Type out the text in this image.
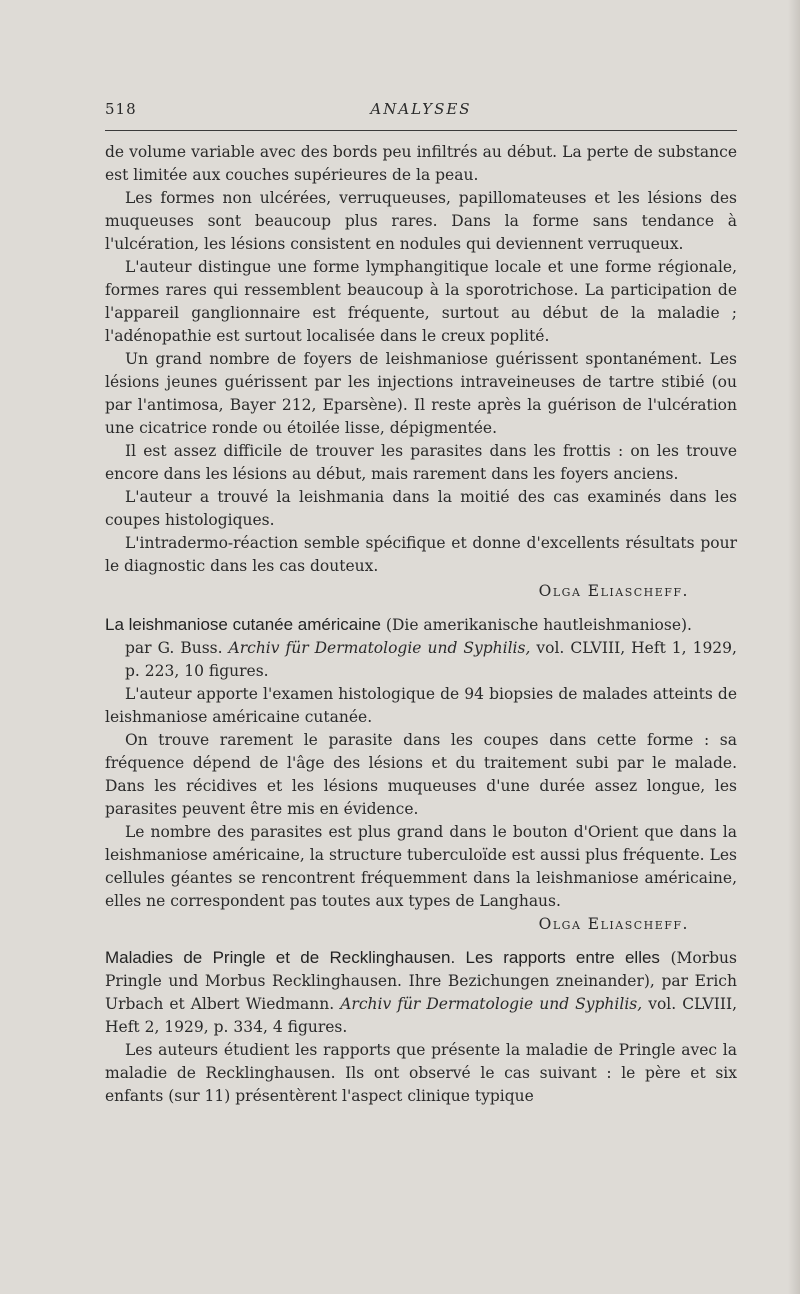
518	ANALYSES

de volume variable avec des bords peu infiltrés au début. La perte de substance est limitée aux couches supérieures de la peau.

Les formes non ulcérées, verruqueuses, papillomateuses et les lésions des muqueuses sont beaucoup plus rares. Dans la forme sans tendance à l'ulcération, les lésions consistent en nodules qui deviennent verruqueux.

L'auteur distingue une forme lymphangitique locale et une forme régionale, formes rares qui ressemblent beaucoup à la sporotrichose. La participation de l'appareil ganglionnaire est fréquente, surtout au début de la maladie ; l'adénopathie est surtout localisée dans le creux poplité.

Un grand nombre de foyers de leishmaniose guérissent spontanément. Les lésions jeunes guérissent par les injections intraveineuses de tartre stibié (ou par l'antimosa, Bayer 212, Eparsène). Il reste après la guérison de l'ulcération une cicatrice ronde ou étoilée lisse, dépigmentée.

Il est assez difficile de trouver les parasites dans les frottis : on les trouve encore dans les lésions au début, mais rarement dans les foyers anciens.

L'auteur a trouvé la leishmania dans la moitié des cas examinés dans les coupes histologiques.

L'intradermo-réaction semble spécifique et donne d'excellents résultats pour le diagnostic dans les cas douteux.

Olga Eliascheff.

La leishmaniose cutanée américaine (Die amerikanische hautleishmaniose).
par G. Buss. Archiv für Dermatologie und Syphilis, vol. CLVIII, Heft 1, 1929, p. 223, 10 figures.

L'auteur apporte l'examen histologique de 94 biopsies de malades atteints de leishmaniose américaine cutanée.

On trouve rarement le parasite dans les coupes dans cette forme : sa fréquence dépend de l'âge des lésions et du traitement subi par le malade. Dans les récidives et les lésions muqueuses d'une durée assez longue, les parasites peuvent être mis en évidence.

Le nombre des parasites est plus grand dans le bouton d'Orient que dans la leishmaniose américaine, la structure tuberculoïde est aussi plus fréquente. Les cellules géantes se rencontrent fréquemment dans la leishmaniose américaine, elles ne correspondent pas toutes aux types de Langhaus.

Olga Eliascheff.

Maladies de Pringle et de Recklinghausen. Les rapports entre elles (Morbus Pringle und Morbus Recklinghausen. Ihre Bezichungen zneinander), par Erich Urbach et Albert Wiedmann. Archiv für Dermatologie und Syphilis, vol. CLVIII, Heft 2, 1929, p. 334, 4 figures.

Les auteurs étudient les rapports que présente la maladie de Pringle avec la maladie de Recklinghausen. Ils ont observé le cas suivant : le père et six enfants (sur 11) présentèrent l'aspect clinique typique
